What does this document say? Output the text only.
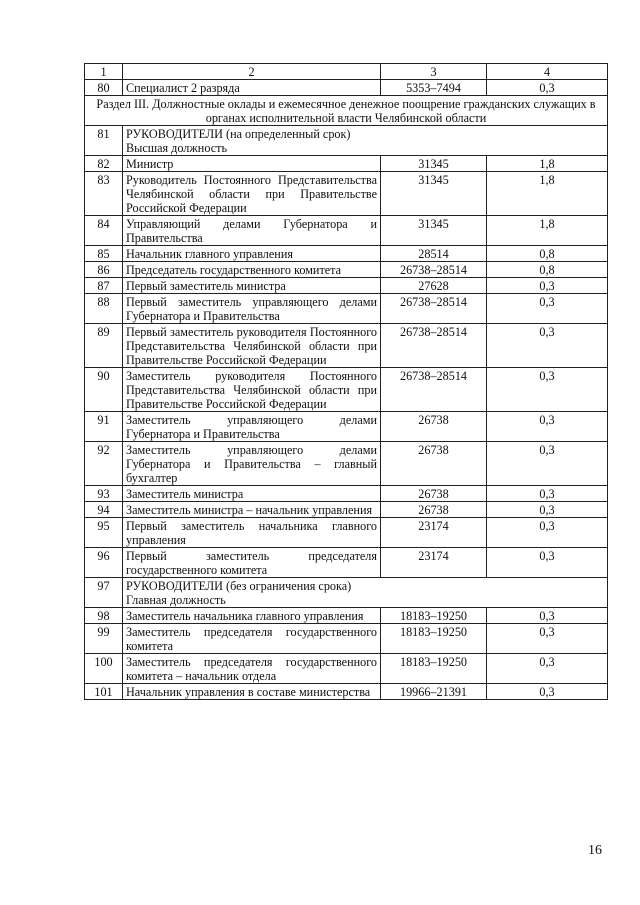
1	2	3	4
80	Специалист 2 разряда	5353–7494	0,3
Раздел III. Должностные оклады и ежемесячное денежное поощрение гражданских служащих в органах исполнительной власти Челябинской области			
81	РУКОВОДИТЕЛИ (на определенный срок)
Высшая должность		

82	Министр	31345	1,8
83	Руководитель Постоянного Представительства Челябинской области при Правительстве Российской Федерации	31345	1,8
84	Управляющий делами Губернатора и Правительства	31345	1,8
85	Начальник главного управления	28514	0,8
86	Председатель государственного комитета	26738–28514	0,8
87	Первый заместитель министра	27628	0,3
88	Первый заместитель управляющего делами Губернатора и Правительства	26738–28514	0,3
89	Первый заместитель руководителя Постоянного Представительства Челябинской области при Правительстве Российской Федерации	26738–28514	0,3
90	Заместитель руководителя Постоянного Представительства Челябинской области при Правительстве Российской Федерации	26738–28514	0,3
91	Заместитель управляющего делами Губернатора и Правительства	26738	0,3
92	Заместитель управляющего делами Губернатора и Правительства – главный бухгалтер	26738	0,3
93	Заместитель министра	26738	0,3
94	Заместитель министра – начальник управления	26738	0,3
95	Первый заместитель начальника главного управления	23174	0,3
96	Первый заместитель председателя государственного комитета	23174	0,3
97	РУКОВОДИТЕЛИ (без ограничения срока)
Главная должность		

98	Заместитель начальника главного управления	18183–19250	0,3
99	Заместитель председателя государственного комитета	18183–19250	0,3
100	Заместитель председателя государственного комитета – начальник отдела	18183–19250	0,3
101	Начальник управления в составе министерства	19966–21391	0,3
16
